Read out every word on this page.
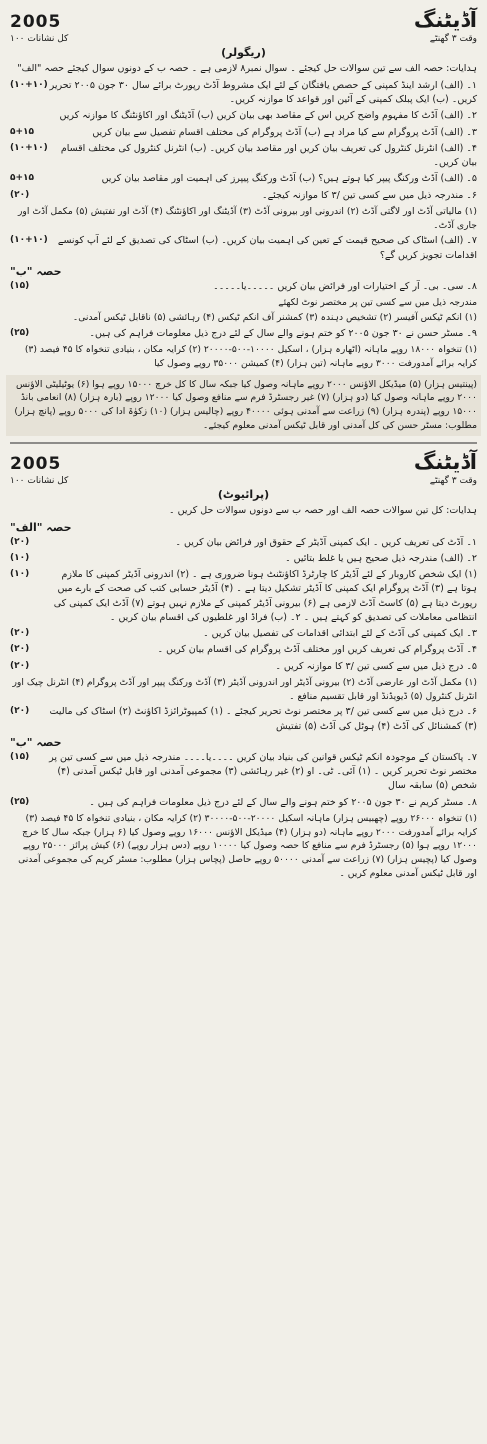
2005	آڈیٹنگ
وقت ۳ گھنٹے
کل نشانات ۱۰۰
(ریگولر)
ہدایات: حصہ الف سے تین سوالات حل کیجئے ۔ سوال نمبر۸ لازمی ہے ۔ حصہ ب کے دونوں سوال کیجئے حصہ "الف"
۱۔ (الف) ارشد اینڈ کمپنی کے حصص یافتگان کے لئے ایک مشروط آڈٹ رپورٹ برائے سال ۳۰ جون ۲۰۰۵ تحریر کریں۔ (ب) ایک پبلک کمپنی کے آئین اور قواعد کا موازنہ کریں۔
(۱۰+۱۰)
۲۔ (الف) آڈٹ کا مفہوم واضح کریں اس کے مقاصد بھی بیان کریں (ب) آڈیٹنگ اور اکاؤنٹنگ کا موازنہ کریں
۳۔ (الف) آڈٹ پروگرام سے کیا مراد ہے (ب) آڈٹ پروگرام کی مختلف اقسام تفصیل سے بیان کریں
۵+۱۵
۴۔ (الف) انٹرنل کنٹرول کی تعریف بیان کریں اور مقاصد بیان کریں۔ (ب) انٹرنل کنٹرول کی مختلف اقسام بیان کریں۔
(۱۰+۱۰)
۵۔ (الف) آڈٹ ورکنگ پیپر کیا ہوتے ہیں؟ (ب) آڈٹ ورکنگ پیپرز کی اہمیت اور مقاصد بیان کریں
۵+۱۵
۶۔ مندرجہ ذیل میں سے کسی تین /۳ کا موازنہ کیجئے۔
(۲۰)
(۱) مالیاتی آڈٹ اور لاگتی آڈٹ (۲) اندرونی اور بیرونی آڈٹ (۳) آڈیٹنگ اور اکاؤنٹنگ (۴) آڈٹ اور تفتیش (۵) مکمل آڈٹ اور جاری آڈٹ۔
۷۔ (الف) اسٹاک کی صحیح قیمت کے تعین کی اہمیت بیان کریں۔ (ب) اسٹاک کی تصدیق کے لئے آپ کونسے اقدامات تجویز کریں گے؟
(۱۰+۱۰)
حصہ "ب"
۸۔ سی۔ بی۔ آر کے اختیارات اور فرائض بیان کریں ۔۔۔۔۔یا۔۔۔۔۔
(۱۵)
مندرجہ ذیل میں سے کسی تین پر مختصر نوٹ لکھئے
(۱) انکم ٹیکس آفیسر (۲) تشخیص دہندہ (۳) کمشنر آف انکم ٹیکس (۴) رہائشی (۵) ناقابل ٹیکس آمدنی۔
۹۔ مسٹر حسن نے ۳۰ جون ۲۰۰۵ کو ختم ہونے والے سال کے لئے درج ذیل معلومات فراہم کی ہیں۔
(۲۵)
(۱) تنخواہ ۱۸۰۰۰ روپے ماہانہ (اٹھارہ ہزار) ، اسکیل ۱۰۰۰۰-۵۰۰-۲۰۰۰۰ (۲) کرایہ مکان ، بنیادی تنخواہ کا ۴۵ فیصد (۳) کرایہ برائے آمدورفت ۳۰۰۰ روپے ماہانہ (تین ہزار) (۴) کمیشن ۳۵۰۰۰ روپے وصول کیا
(پینتیس ہزار) (۵) میڈیکل الاؤنس ۲۰۰۰ روپے ماہانہ وصول کیا جبکہ سال کا کل خرچ ۱۵۰۰۰ روپے ہوا (۶) یوٹیلیٹی الاؤنس ۲۰۰۰ روپے ماہانہ وصول کیا (دو ہزار) (۷) غیر رجسٹرڈ فرم سے منافع وصول کیا ۱۲۰۰۰ روپے (بارہ ہزار) (۸) انعامی بانڈ ۱۵۰۰۰ روپے (پندرہ ہزار) (۹) زراعت سے آمدنی ہوئی ۴۰۰۰۰ روپے (چالیس ہزار) (۱۰) زکوٰۃ ادا کی ۵۰۰۰ روپے (پانچ ہزار) مطلوب: مسٹر حسن کی کل آمدنی اور قابل ٹیکس آمدنی معلوم کیجئے۔
2005	آڈیٹنگ
وقت ۳ گھنٹے
کل نشانات ۱۰۰
(پرائیوٹ)
ہدایات: کل تین سوالات حصہ الف اور حصہ ب سے دونوں سوالات حل کریں ۔
حصہ "الف"
۱۔ آڈٹ کی تعریف کریں ۔ ایک کمپنی آڈیٹر کے حقوق اور فرائض بیان کریں ۔
(۲۰)
۲۔ (الف) مندرجہ ذیل صحیح ہیں یا غلط بتائیں ۔
(۱۰)
(۱) ایک شخص کاروبار کے لئے آڈیٹر کا چارٹرڈ اکاؤنٹنٹ ہونا ضروری ہے ۔ (۲) اندرونی آڈیٹر کمپنی کا ملازم ہوتا ہے (۳) آڈٹ پروگرام ایک کمپنی کا آڈیٹر تشکیل دیتا ہے ۔ (۴) آڈیٹر حسابی کتب کی صحت کے بارے میں رپورٹ دیتا ہے (۵) کاسٹ آڈٹ لازمی ہے (۶) بیرونی آڈیٹر کمپنی کے ملازم نہیں ہوتے (۷) آڈٹ ایک کمپنی کی انتظامی معاملات کی تصدیق کو کہتے ہیں ۔ ۲۔ (ب) فراڈ اور غلطیوں کی اقسام بیان کریں ۔
(۱۰)
۳۔ ایک کمپنی کی آڈٹ کے لئے ابتدائی اقدامات کی تفصیل بیان کریں ۔
(۲۰)
۴۔ آڈٹ پروگرام کی تعریف کریں اور مختلف آڈٹ پروگرام کی اقسام بیان کریں ۔
(۲۰)
۵۔ درج ذیل میں سے کسی تین /۳ کا موازنہ کریں ۔
(۲۰)
(۱) مکمل آڈٹ اور عارضی آڈٹ (۲) بیرونی آڈیٹر اور اندرونی آڈیٹر (۳) آڈٹ ورکنگ پیپر اور آڈٹ پروگرام (۴) انٹرنل چیک اور انٹرنل کنٹرول (۵) ڈیویڈنڈ اور قابل تقسیم منافع ۔
۶۔ درج ذیل میں سے کسی تین /۳ پر مختصر نوٹ تحریر کیجئے ۔ (۱) کمپیوٹرائزڈ اکاؤنٹ (۲) اسٹاک کی مالیت (۳) کمشنائل کی آڈٹ (۴) ہوٹل کی آڈٹ (۵) تفتیش
(۲۰)
حصہ "ب"
۷۔ پاکستان کے موجودہ انکم ٹیکس قوانین کی بنیاد بیان کریں ۔۔۔۔یا۔۔۔۔ مندرجہ ذیل میں سے کسی تین پر مختصر نوٹ تحریر کریں ۔ (۱) آئی۔ ٹی۔ او (۲) غیر رہائشی (۳) مجموعی آمدنی اور قابل ٹیکس آمدنی (۴) شخص (۵) سابقہ سال
(۱۵)
۸۔ مسٹر کریم نے ۳۰ جون ۲۰۰۵ کو ختم ہونے والے سال کے لئے درج ذیل معلومات فراہم کی ہیں ۔
(۲۵)
(۱) تنخواہ ۲۶۰۰۰ روپے (چھبیس ہزار) ماہانہ اسکیل ۲۰۰۰۰-۵۰۰-۳۰۰۰۰ (۲) کرایہ مکان ، بنیادی تنخواہ کا ۴۵ فیصد (۳) کرایہ برائے آمدورفت ۲۰۰۰ روپے ماہانہ (دو ہزار) (۴) میڈیکل الاؤنس ۱۶۰۰۰ روپے وصول کیا (۶ ہزار) جبکہ سال کا خرچ ۱۲۰۰۰ روپے ہوا (۵) رجسٹرڈ فرم سے منافع کا حصہ وصول کیا ۱۰۰۰۰ روپے (دس ہزار روپے) (۶) کیش پرائز ۲۵۰۰۰ روپے وصول کیا (پچیس ہزار) (۷) زراعت سے آمدنی ۵۰۰۰۰ روپے حاصل (پچاس ہزار) مطلوب: مسٹر کریم کی مجموعی آمدنی اور قابل ٹیکس آمدنی معلوم کریں ۔
